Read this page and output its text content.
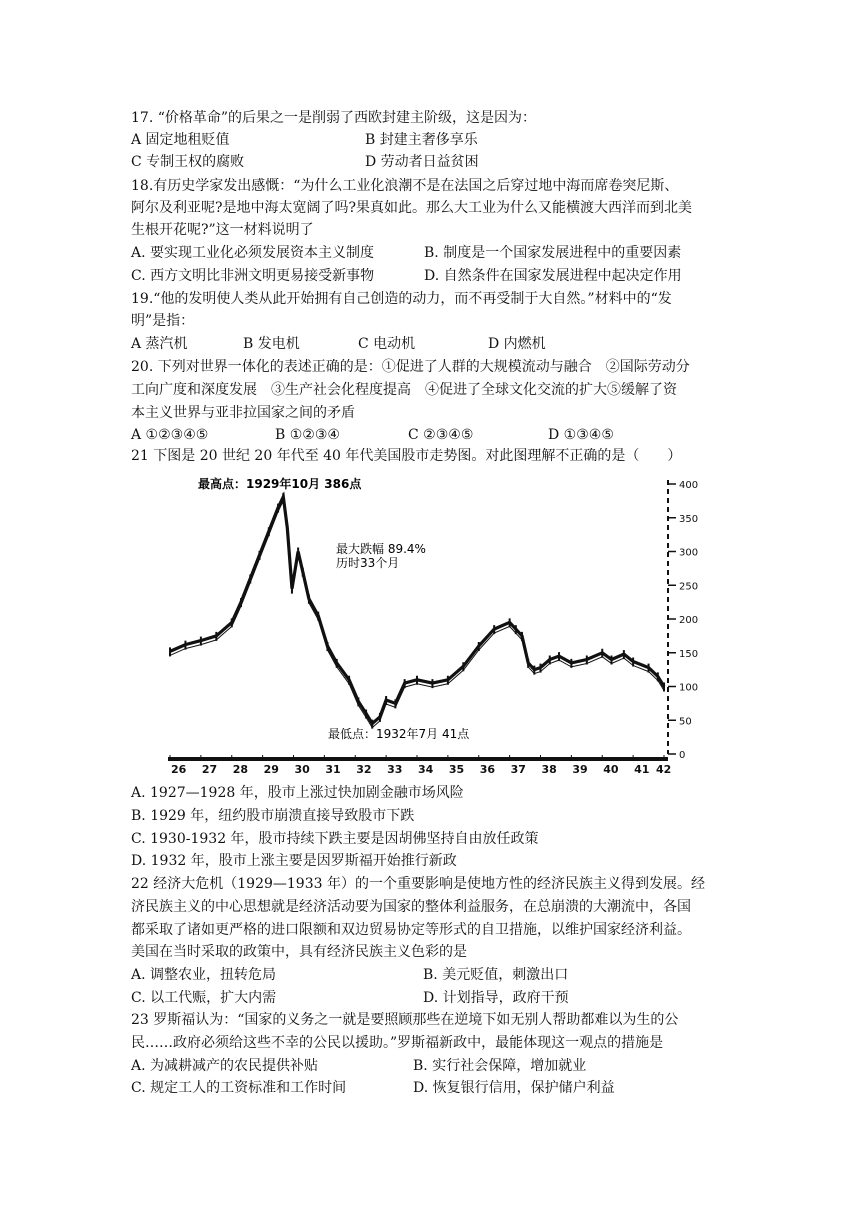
17. “价格革命”的后果之一是削弱了西欧封建主阶级，这是因为：
A 固定地租贬值	B 封建主奢侈享乐
C 专制王权的腐败	D 劳动者日益贫困
18.有历史学家发出感慨：“为什么工业化浪潮不是在法国之后穿过地中海而席卷突尼斯、
阿尔及利亚呢?是地中海太宽阔了吗?果真如此。那么大工业为什么又能横渡大西洋而到北美
生根开花呢?”这一材料说明了
A. 要实现工业化必须发展资本主义制度	B. 制度是一个国家发展进程中的重要因素
C. 西方文明比非洲文明更易接受新事物	D. 自然条件在国家发展进程中起决定作用
19.“他的发明使人类从此开始拥有自己创造的动力，而不再受制于大自然。”材料中的“发
明”是指：
A 蒸汽机	B 发电机	C 电动机	D 内燃机
20. 下列对世界一体化的表述正确的是：①促进了人群的大规模流动与融合　②国际劳动分
工向广度和深度发展　③生产社会化程度提高　④促进了全球文化交流的扩大⑤缓解了资
本主义世界与亚非拉国家之间的矛盾
A ①②③④⑤	B ①②③④	C ②③④⑤	D ①③④⑤
21 下图是 20 世纪 20 年代至 40 年代美国股市走势图。对此图理解不正确的是（　　）
26 27 28 29 30 31 32 33 34 35 36 37 38 39 40 41 42
400
350
300
250
200
150
100
50
0
最高点：1929年10月 386点
最大跌幅 89.4%
历时33个月
最低点：1932年7月 41点
A. 1927—1928 年，股市上涨过快加剧金融市场风险
B. 1929 年，纽约股市崩溃直接导致股市下跌
C. 1930-1932 年，股市持续下跌主要是因胡佛坚持自由放任政策
D. 1932 年，股市上涨主要是因罗斯福开始推行新政
22 经济大危机（1929—1933 年）的一个重要影响是使地方性的经济民族主义得到发展。经
济民族主义的中心思想就是经济活动要为国家的整体利益服务，在总崩溃的大潮流中，各国
都采取了诸如更严格的进口限额和双边贸易协定等形式的自卫措施，以维护国家经济利益。
美国在当时采取的政策中，具有经济民族主义色彩的是
A. 调整农业，扭转危局	B. 美元贬值，刺激出口
C. 以工代赈，扩大内需	D. 计划指导，政府干预
23 罗斯福认为：“国家的义务之一就是要照顾那些在逆境下如无别人帮助都难以为生的公
民……政府必须给这些不幸的公民以援助。”罗斯福新政中，最能体现这一观点的措施是
A. 为减耕减产的农民提供补贴	B. 实行社会保障，增加就业
C. 规定工人的工资标准和工作时间	D. 恢复银行信用，保护储户利益
